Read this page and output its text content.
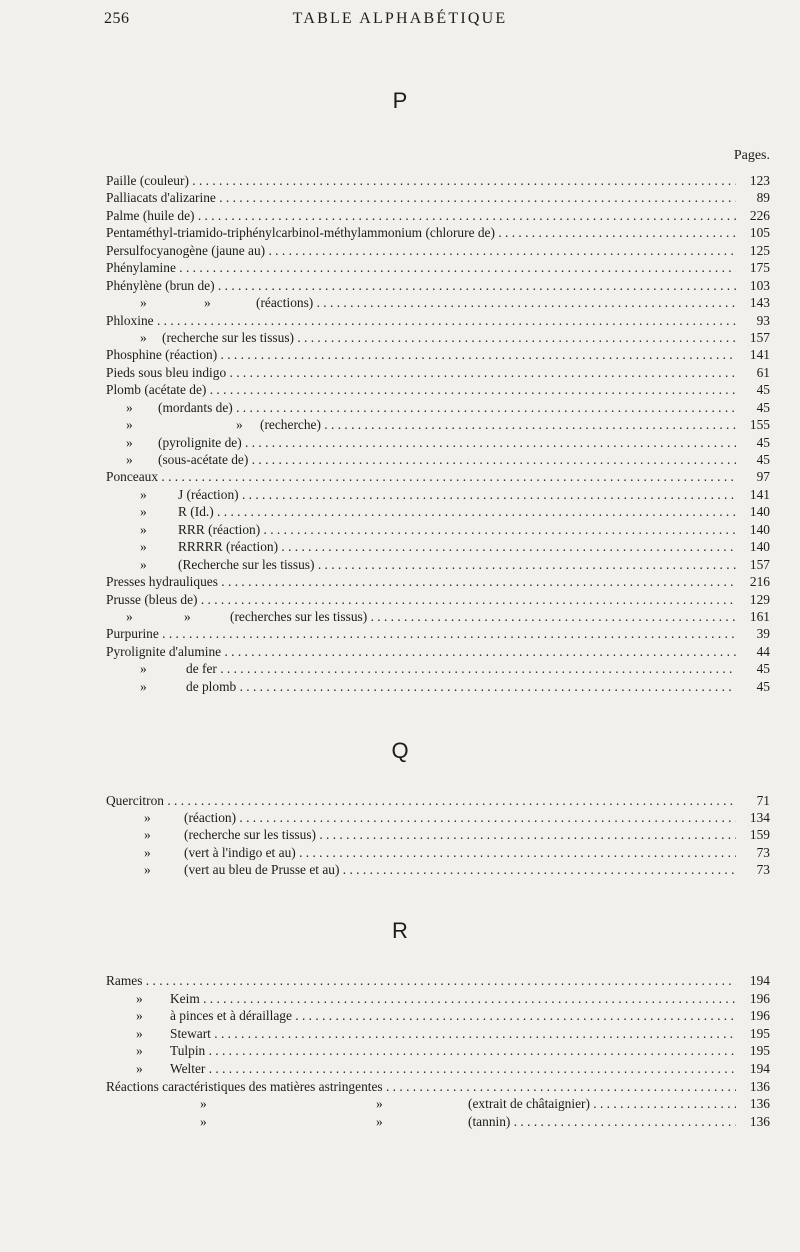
256	TABLE ALPHABÉTIQUE
P
Pages.
Paille (couleur) . . .	123
Palliacats d'alizarine . . .	89
Palme (huile de) . . .	226
Pentaméthyl-triamido-triphénylcarbinol-méthylammonium (chlorure de) . . .	105
Persulfocyanogène (jaune au) . . .	125
Phénylamine . . .	175
Phénylène (brun de) . . .	103
»	»	(réactions) . . .	143
Phloxine . . .	93
» (recherche sur les tissus) . . .	157
Phosphine (réaction) . . .	141
Pieds sous bleu indigo . . .	61
Plomb (acétate de) . . .	45
» (mordants de) . . .	45
»	» (recherche) . . .	155
» (pyrolignite de) . . .	45
» (sous-acétate de) . . .	45
Ponceaux . . .	97
» J (réaction) . . .	141
» R (Id.) . . .	140
» RRR (réaction) . . .	140
» RRRRR (réaction) . . .	140
» (Recherche sur les tissus) . . .	157
Presses hydrauliques . . .	216
Prusse (bleus de) . . .	129
»	»	(recherches sur les tissus) . . .	161
Purpurine . . .	39
Pyrolignite d'alumine . . .	44
»	de fer . . .	45
»	de plomb . . .	45
Q
Quercitron . . .	71
» (réaction) . . .	134
» (recherche sur les tissus) . . .	159
» (vert à l'indigo et au) . . .	73
» (vert au bleu de Prusse et au) . . .	73
R
Rames . . .	194
» Keim . . .	196
» à pinces et à déraillage . . .	196
» Stewart . . .	195
» Tulpin . . .	195
» Welter . . .	194
Réactions caractéristiques des matières astringentes . . .	136
»	»	(extrait de châtaignier) . . .	136
»	»	(tannin) . . .	136
